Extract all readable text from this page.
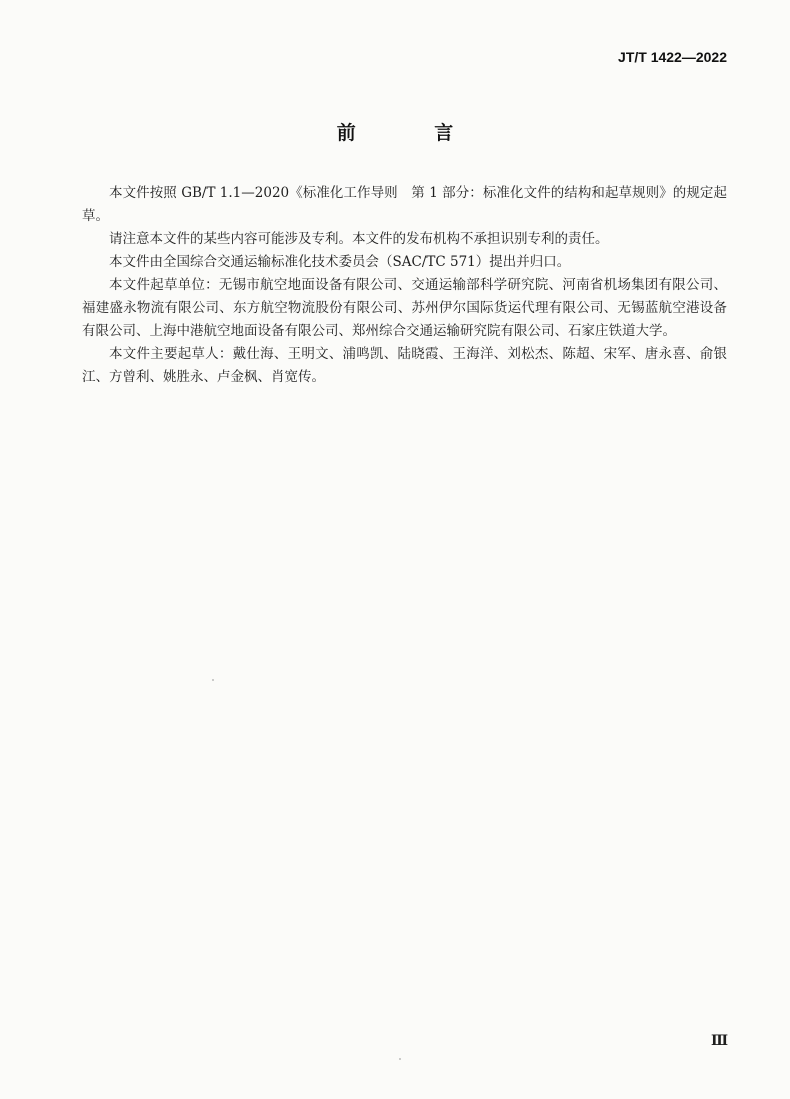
JT/T 1422—2022
前 言

本文件按照 GB/T 1.1—2020《标准化工作导则　第 1 部分：标准化文件的结构和起草规则》的规定起草。

请注意本文件的某些内容可能涉及专利。本文件的发布机构不承担识别专利的责任。

本文件由全国综合交通运输标准化技术委员会（SAC/TC 571）提出并归口。

本文件起草单位：无锡市航空地面设备有限公司、交通运输部科学研究院、河南省机场集团有限公司、福建盛永物流有限公司、东方航空物流股份有限公司、苏州伊尔国际货运代理有限公司、无锡蓝航空港设备有限公司、上海中港航空地面设备有限公司、郑州综合交通运输研究院有限公司、石家庄铁道大学。

本文件主要起草人：戴仕海、王明文、浦鸣凯、陆晓霞、王海洋、刘松杰、陈超、宋军、唐永喜、俞银江、方曾利、姚胜永、卢金枫、肖宽传。

Ⅲ
